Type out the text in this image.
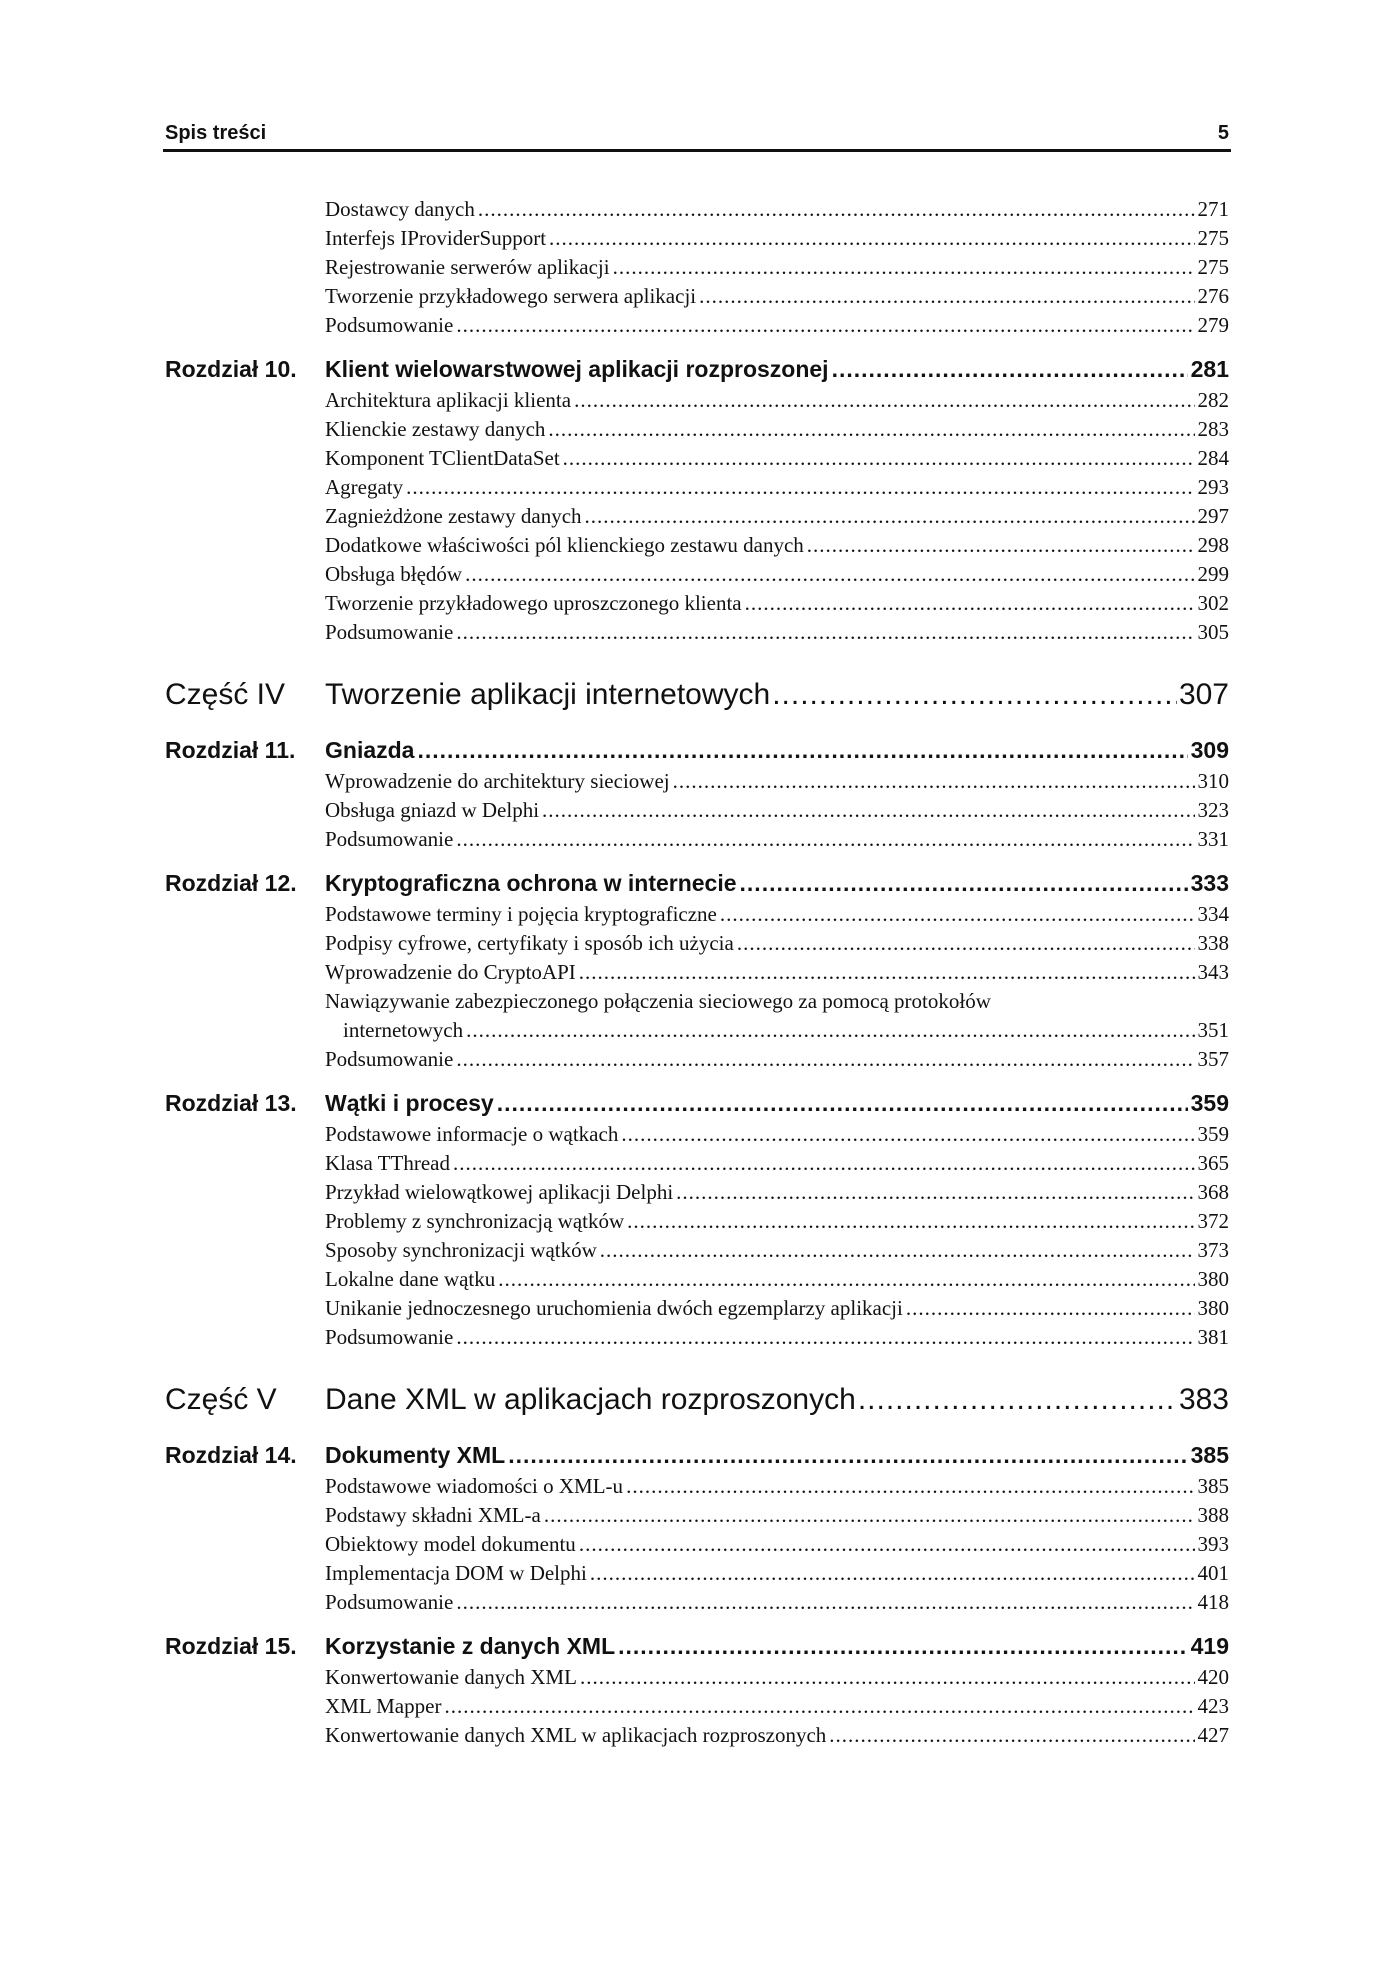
Spis treści	5
Dostawcy danych .....	271
Interfejs IProviderSupport .....	275
Rejestrowanie serwerów aplikacji .....	275
Tworzenie przykładowego serwera aplikacji .....	276
Podsumowanie .....	279
Rozdział 10.	Klient wielowarstwowej aplikacji rozproszonej .....	281
Architektura aplikacji klienta .....	282
Klienckie zestawy danych .....	283
Komponent TClientDataSet .....	284
Agregaty .....	293
Zagnieżdżone zestawy danych .....	297
Dodatkowe właściwości pól klienckiego zestawu danych .....	298
Obsługa błędów .....	299
Tworzenie przykładowego uproszczonego klienta .....	302
Podsumowanie .....	305
Część IV	Tworzenie aplikacji internetowych .....	307
Rozdział 11.	Gniazda .....	309
Wprowadzenie do architektury sieciowej .....	310
Obsługa gniazd w Delphi .....	323
Podsumowanie .....	331
Rozdział 12.	Kryptograficzna ochrona w internecie .....	333
Podstawowe terminy i pojęcia kryptograficzne .....	334
Podpisy cyfrowe, certyfikaty i sposób ich użycia .....	338
Wprowadzenie do CryptoAPI .....	343
Nawiązywanie zabezpieczonego połączenia sieciowego za pomocą protokołów
internetowych .....	351
Podsumowanie .....	357
Rozdział 13.	Wątki i procesy .....	359
Podstawowe informacje o wątkach .....	359
Klasa TThread .....	365
Przykład wielowątkowej aplikacji Delphi .....	368
Problemy z synchronizacją wątków .....	372
Sposoby synchronizacji wątków .....	373
Lokalne dane wątku .....	380
Unikanie jednoczesnego uruchomienia dwóch egzemplarzy aplikacji .....	380
Podsumowanie .....	381
Część V	Dane XML w aplikacjach rozproszonych .....	383
Rozdział 14.	Dokumenty XML .....	385
Podstawowe wiadomości o XML-u .....	385
Podstawy składni XML-a .....	388
Obiektowy model dokumentu .....	393
Implementacja DOM w Delphi .....	401
Podsumowanie .....	418
Rozdział 15.	Korzystanie z danych XML .....	419
Konwertowanie danych XML .....	420
XML Mapper .....	423
Konwertowanie danych XML w aplikacjach rozproszonych .....	427
